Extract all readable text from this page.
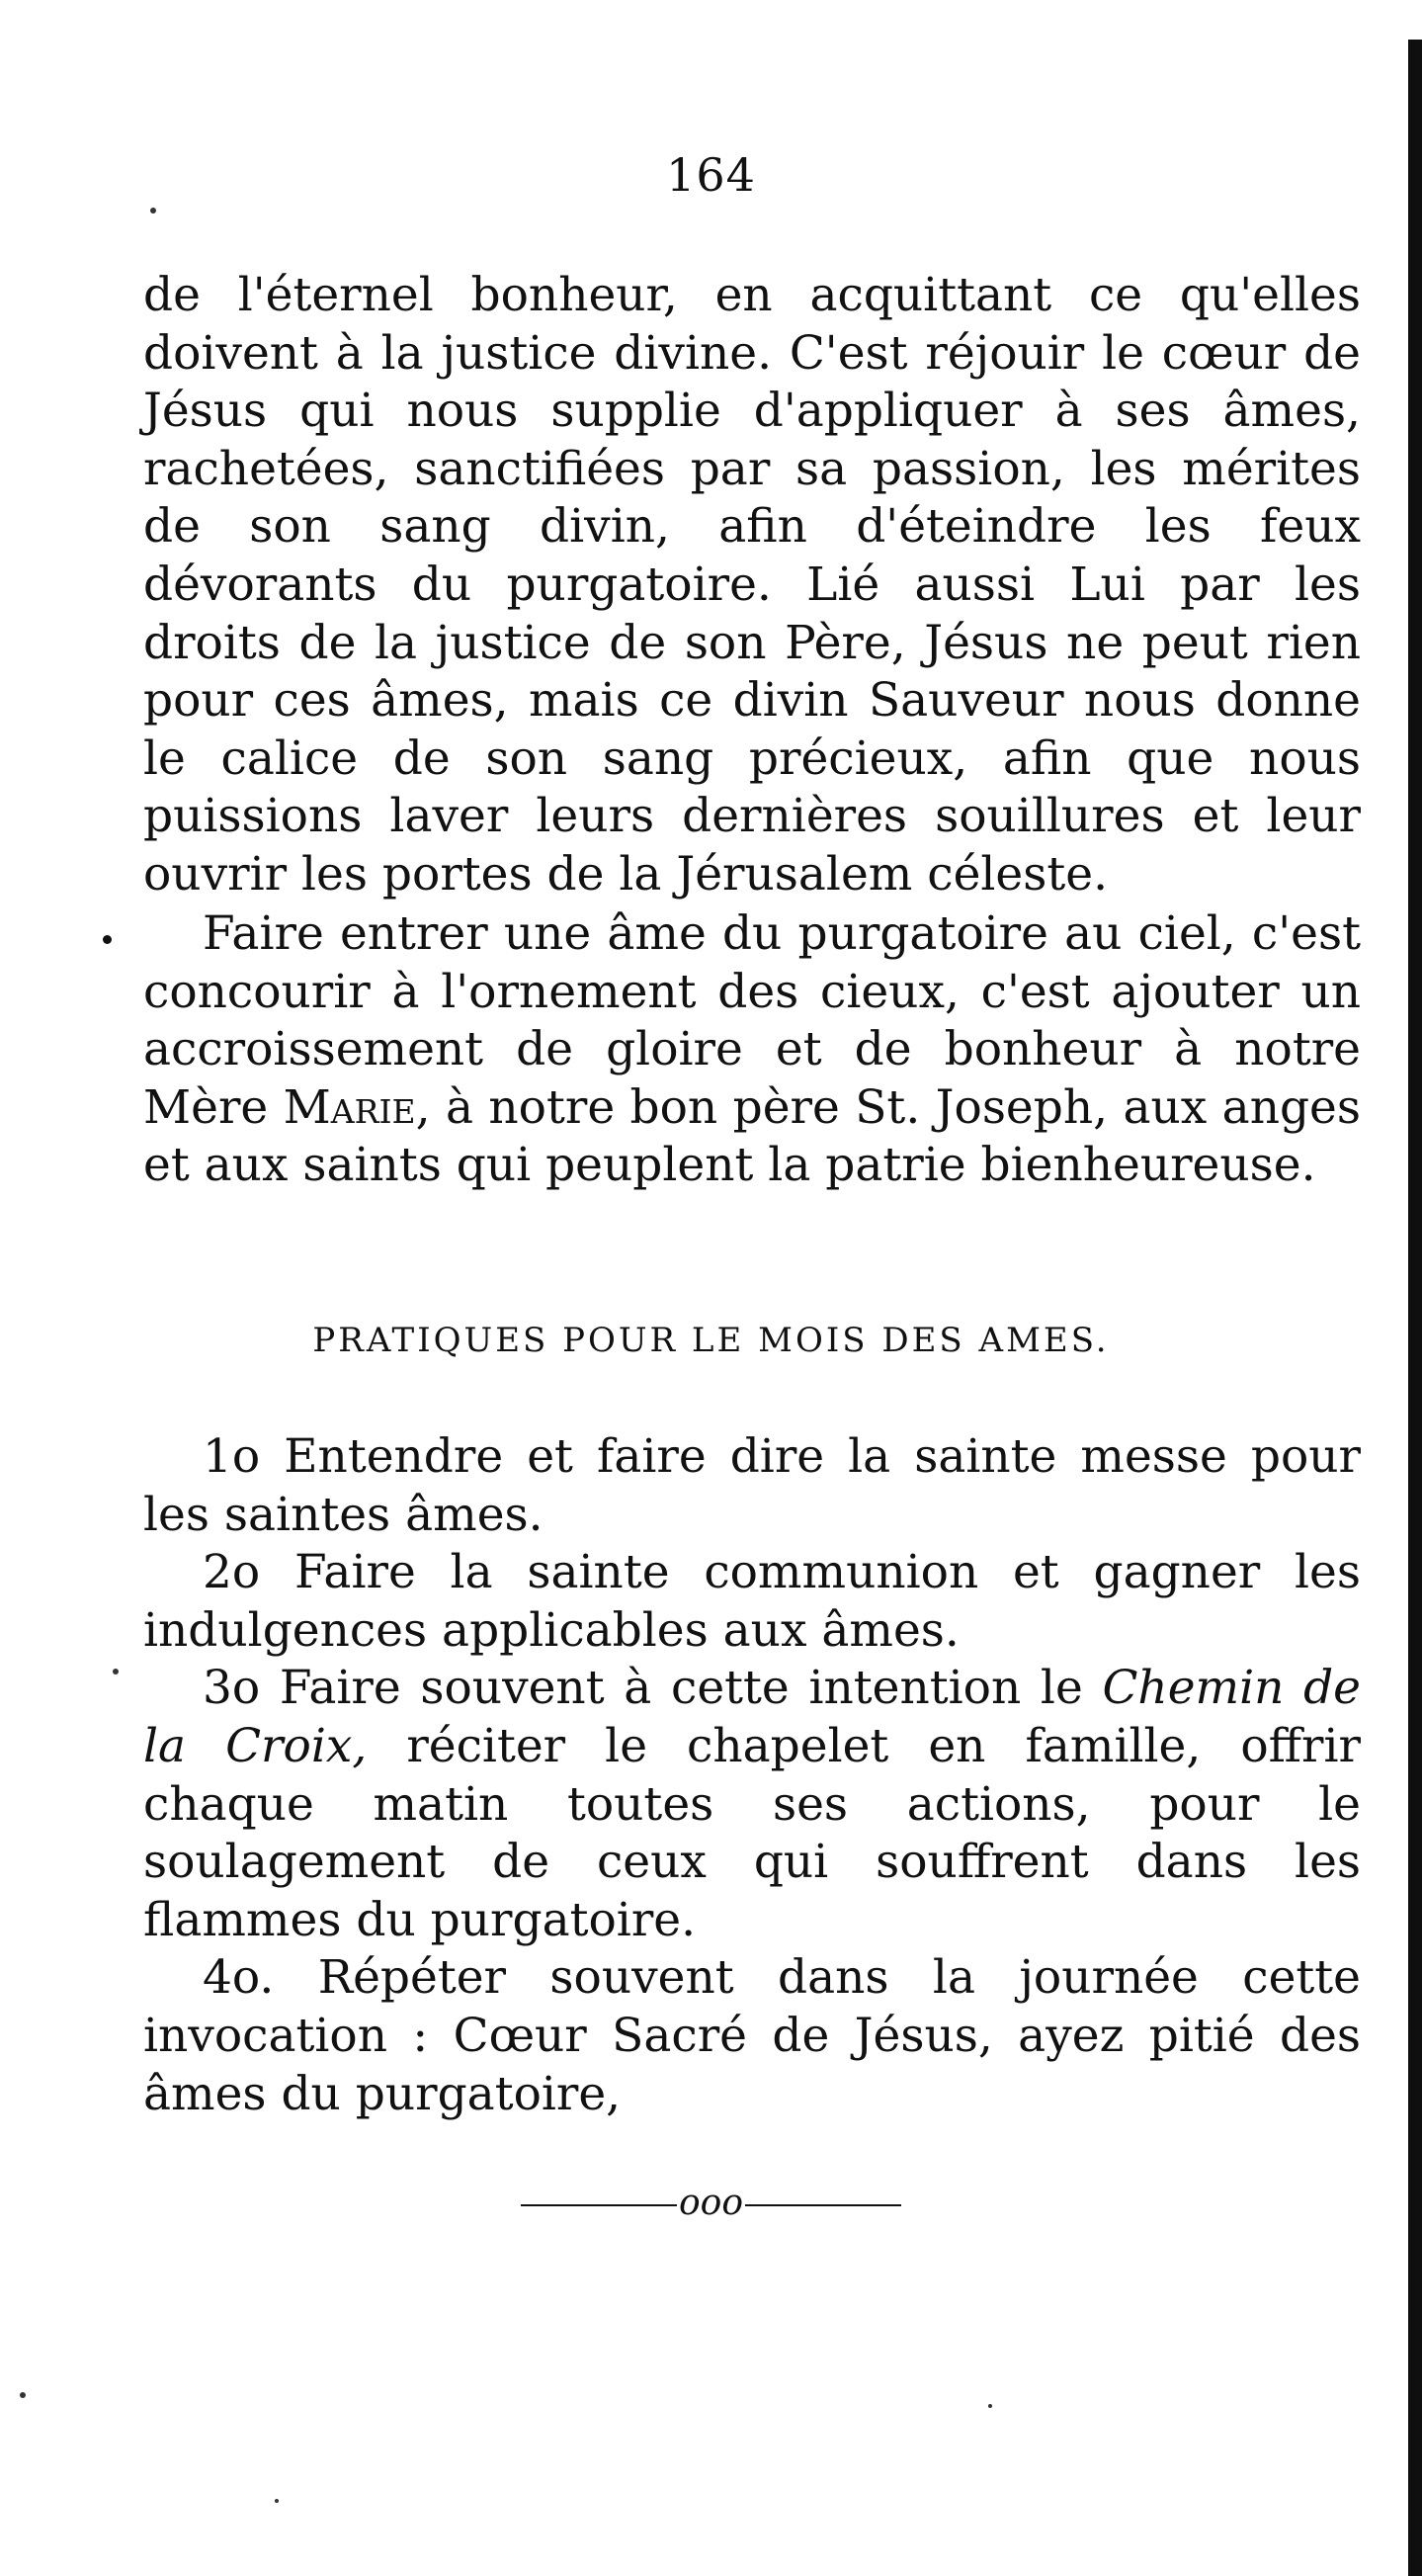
164
de l'éternel bonheur, en acquittant ce qu'elles doivent à la justice divine. C'est réjouir le cœur de Jésus qui nous supplie d'appliquer à ses âmes, rachetées, sanctifiées par sa passion, les mérites de son sang divin, afin d'éteindre les feux dévorants du purgatoire. Lié aussi Lui par les droits de la justice de son Père, Jésus ne peut rien pour ces âmes, mais ce divin Sauveur nous donne le calice de son sang précieux, afin que nous puissions laver leurs dernières souillures et leur ouvrir les portes de la Jérusalem céleste.
Faire entrer une âme du purgatoire au ciel, c'est concourir à l'ornement des cieux, c'est ajouter un accroissement de gloire et de bonheur à notre Mère Marie, à notre bon père St. Joseph, aux anges et aux saints qui peuplent la patrie bienheureuse.
PRATIQUES POUR LE MOIS DES AMES.

1o Entendre et faire dire la sainte messe pour les saintes âmes.

2o Faire la sainte communion et gagner les indulgences applicables aux âmes.

3o Faire souvent à cette intention le Chemin de la Croix, réciter le chapelet en famille, offrir chaque matin toutes ses actions, pour le soulagement de ceux qui souffrent dans les flammes du purgatoire.

4o. Répéter souvent dans la journée cette invocation : Cœur Sacré de Jésus, ayez pitié des âmes du purgatoire,

ooo
